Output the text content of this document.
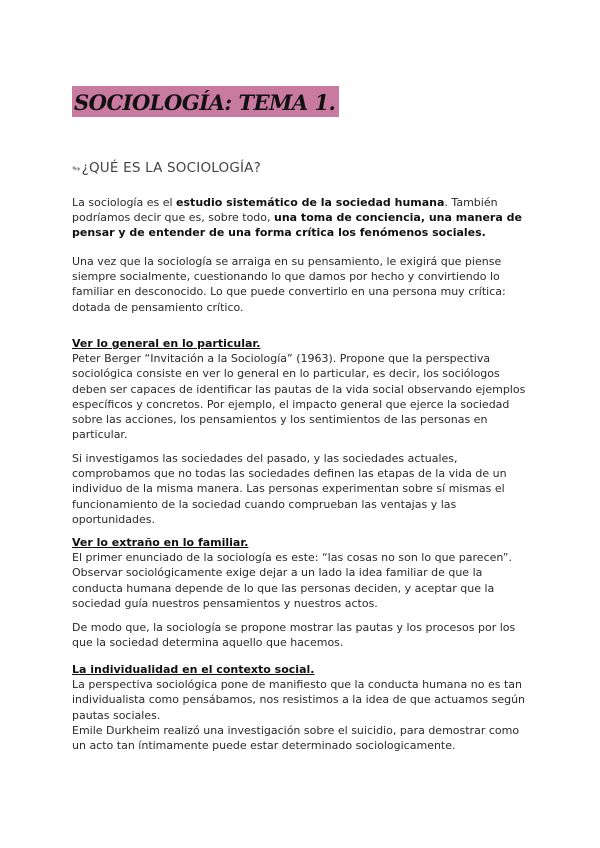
SOCIOLOGÍA: TEMA 1.
↬¿QUÉ ES LA SOCIOLOGÍA?

La sociología es el estudio sistemático de la sociedad humana. También podríamos decir que es, sobre todo, una toma de conciencia, una manera de pensar y de entender de una forma crítica los fenómenos sociales.

Una vez que la sociología se arraiga en su pensamiento, le exigirá que piense siempre socialmente, cuestionando lo que damos por hecho y convirtiendo lo familiar en desconocido. Lo que puede convertirlo en una persona muy crítica: dotada de pensamiento crítico.

Ver lo general en lo particular.
Peter Berger “Invitación a la Sociología” (1963). Propone que la perspectiva sociológica consiste en ver lo general en lo particular, es decir, los sociólogos deben ser capaces de identificar las pautas de la vida social observando ejemplos específicos y concretos. Por ejemplo, el impacto general que ejerce la sociedad sobre las acciones, los pensamientos y los sentimientos de las personas en particular.

Si investigamos las sociedades del pasado, y las sociedades actuales, comprobamos que no todas las sociedades definen las etapas de la vida de un individuo de la misma manera. Las personas experimentan sobre sí mismas el funcionamiento de la sociedad cuando comprueban las ventajas y las oportunidades.

Ver lo extraño en lo familiar.
El primer enunciado de la sociología es este: “las cosas no son lo que parecen”. Observar sociológicamente exige dejar a un lado la idea familiar de que la conducta humana depende de lo que las personas deciden, y aceptar que la sociedad guía nuestros pensamientos y nuestros actos.

De modo que, la sociología se propone mostrar las pautas y los procesos por los que la sociedad determina aquello que hacemos.

La individualidad en el contexto social.
La perspectiva sociológica pone de manifiesto que la conducta humana no es tan individualista como pensábamos, nos resistimos a la idea de que actuamos según pautas sociales.
Emile Durkheim realizó una investigación sobre el suicidio, para demostrar como un acto tan íntimamente puede estar determinado sociologicamente.
